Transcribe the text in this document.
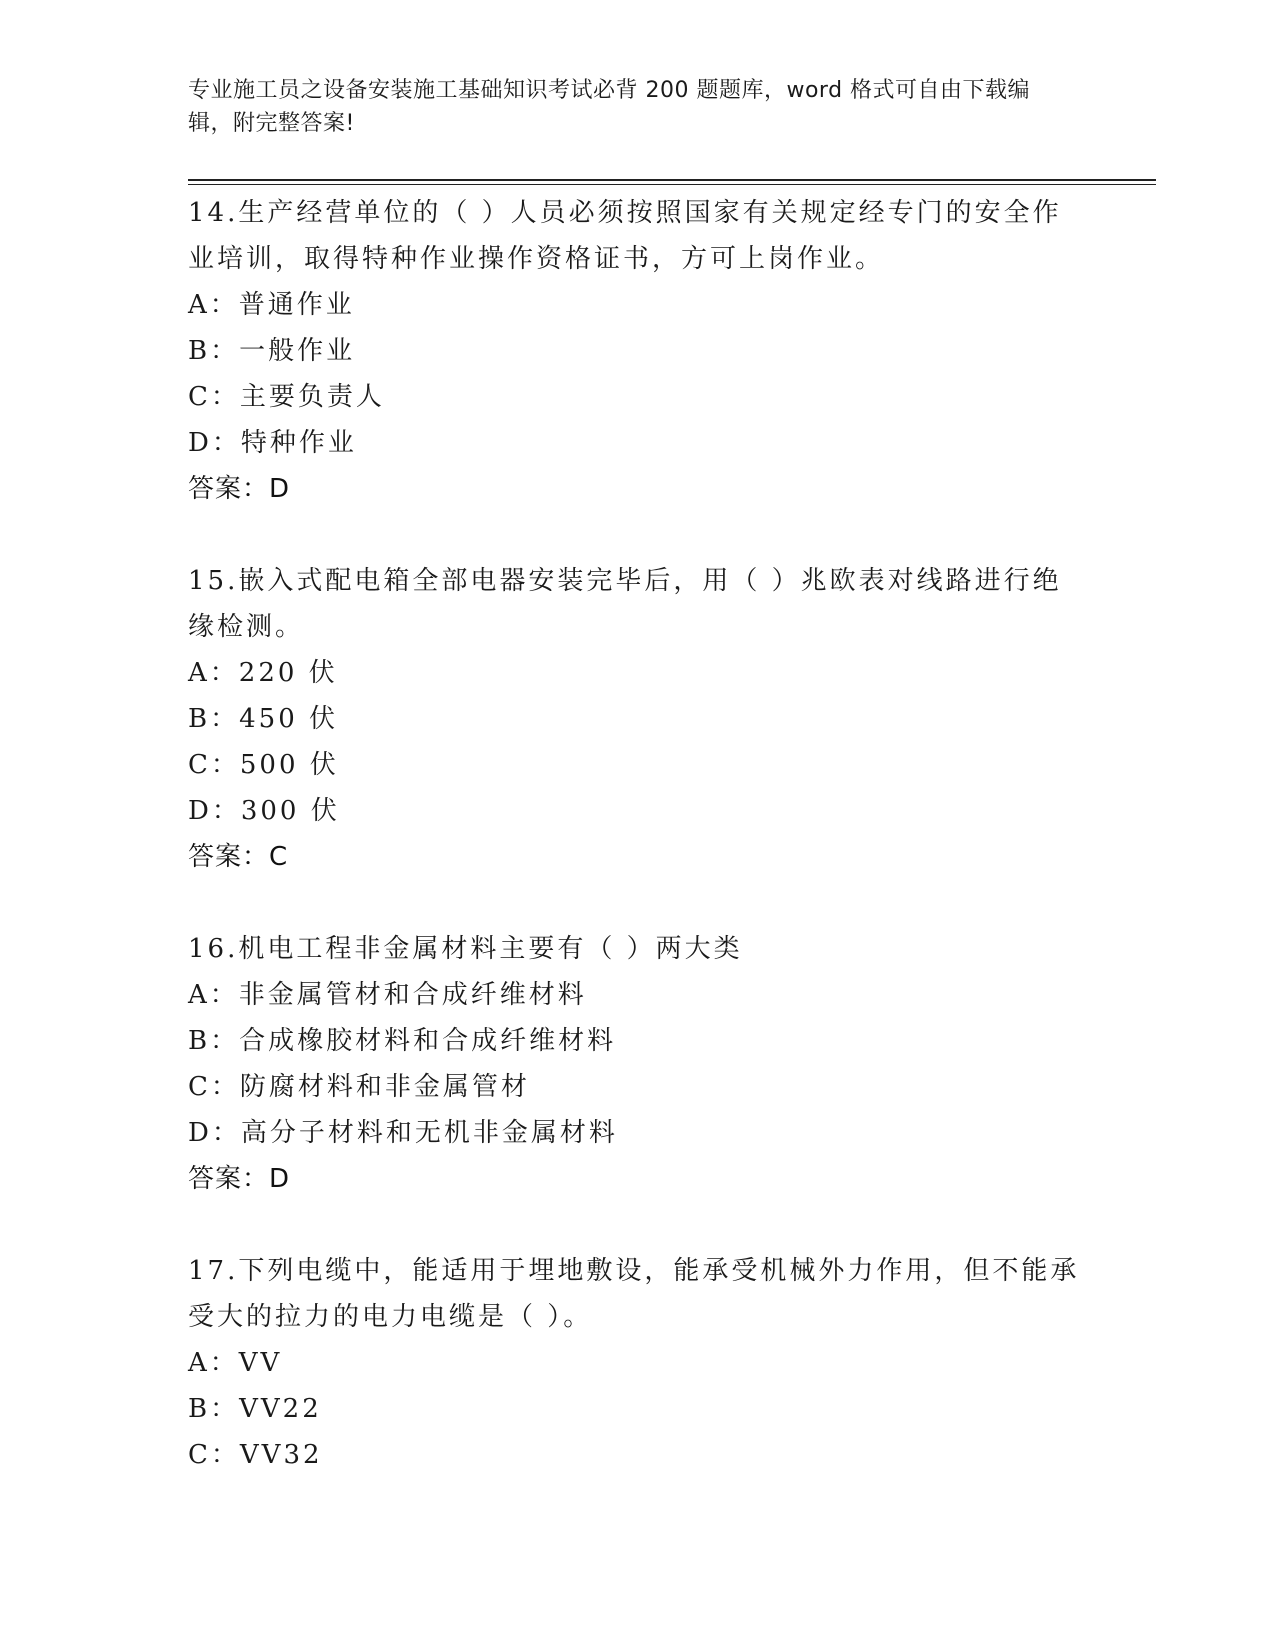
专业施工员之设备安装施工基础知识考试必背 200 题题库，word 格式可自由下载编辑，附完整答案!
14.生产经营单位的（ ）人员必须按照国家有关规定经专门的安全作业培训，取得特种作业操作资格证书，方可上岗作业。
A：普通作业
B：一般作业
C：主要负责人
D：特种作业
答案：D
15.嵌入式配电箱全部电器安装完毕后，用（ ）兆欧表对线路进行绝缘检测。
A：220 伏
B：450 伏
C：500 伏
D：300 伏
答案：C
16.机电工程非金属材料主要有（ ）两大类
A：非金属管材和合成纤维材料
B：合成橡胶材料和合成纤维材料
C：防腐材料和非金属管材
D：高分子材料和无机非金属材料
答案：D
17.下列电缆中，能适用于埋地敷设，能承受机械外力作用，但不能承受大的拉力的电力电缆是（ ）。
A：VV
B：VV22
C：VV32
